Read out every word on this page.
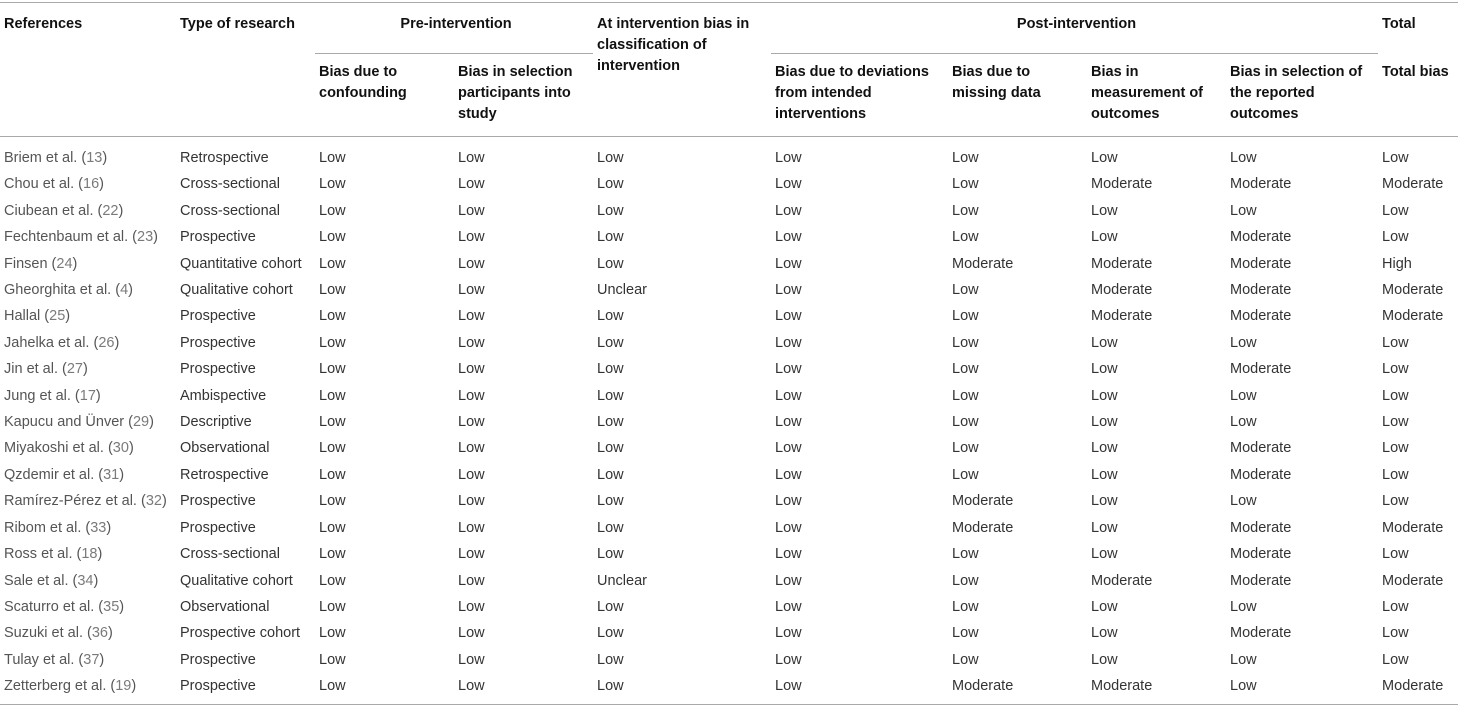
References	Type of research	Pre-intervention		At intervention bias in classification of intervention	Post-intervention				Total
		Bias due to confounding	Bias in selection participants into study		Bias due to deviations from intended interventions	Bias due to missing data	Bias in measurement of outcomes	Bias in selection of the reported outcomes	Total bias
Briem et al. (13)	Retrospective	Low	Low	Low	Low	Low	Low	Low	Low
Chou et al. (16)	Cross-sectional	Low	Low	Low	Low	Low	Moderate	Moderate	Moderate
Ciubean et al. (22)	Cross-sectional	Low	Low	Low	Low	Low	Low	Low	Low
Fechtenbaum et al. (23)	Prospective	Low	Low	Low	Low	Low	Low	Moderate	Low
Finsen (24)	Quantitative cohort	Low	Low	Low	Low	Moderate	Moderate	Moderate	High
Gheorghita et al. (4)	Qualitative cohort	Low	Low	Unclear	Low	Low	Moderate	Moderate	Moderate
Hallal (25)	Prospective	Low	Low	Low	Low	Low	Moderate	Moderate	Moderate
Jahelka et al. (26)	Prospective	Low	Low	Low	Low	Low	Low	Low	Low
Jin et al. (27)	Prospective	Low	Low	Low	Low	Low	Low	Moderate	Low
Jung et al. (17)	Ambispective	Low	Low	Low	Low	Low	Low	Low	Low
Kapucu and Ünver (29)	Descriptive	Low	Low	Low	Low	Low	Low	Low	Low
Miyakoshi et al. (30)	Observational	Low	Low	Low	Low	Low	Low	Moderate	Low
Qzdemir et al. (31)	Retrospective	Low	Low	Low	Low	Low	Low	Moderate	Low
Ramírez-Pérez et al. (32)	Prospective	Low	Low	Low	Low	Moderate	Low	Low	Low
Ribom et al. (33)	Prospective	Low	Low	Low	Low	Moderate	Low	Moderate	Moderate
Ross et al. (18)	Cross-sectional	Low	Low	Low	Low	Low	Low	Moderate	Low
Sale et al. (34)	Qualitative cohort	Low	Low	Unclear	Low	Low	Moderate	Moderate	Moderate
Scaturro et al. (35)	Observational	Low	Low	Low	Low	Low	Low	Low	Low
Suzuki et al. (36)	Prospective cohort	Low	Low	Low	Low	Low	Low	Moderate	Low
Tulay et al. (37)	Prospective	Low	Low	Low	Low	Low	Low	Low	Low
Zetterberg et al. (19)	Prospective	Low	Low	Low	Low	Moderate	Moderate	Low	Moderate
